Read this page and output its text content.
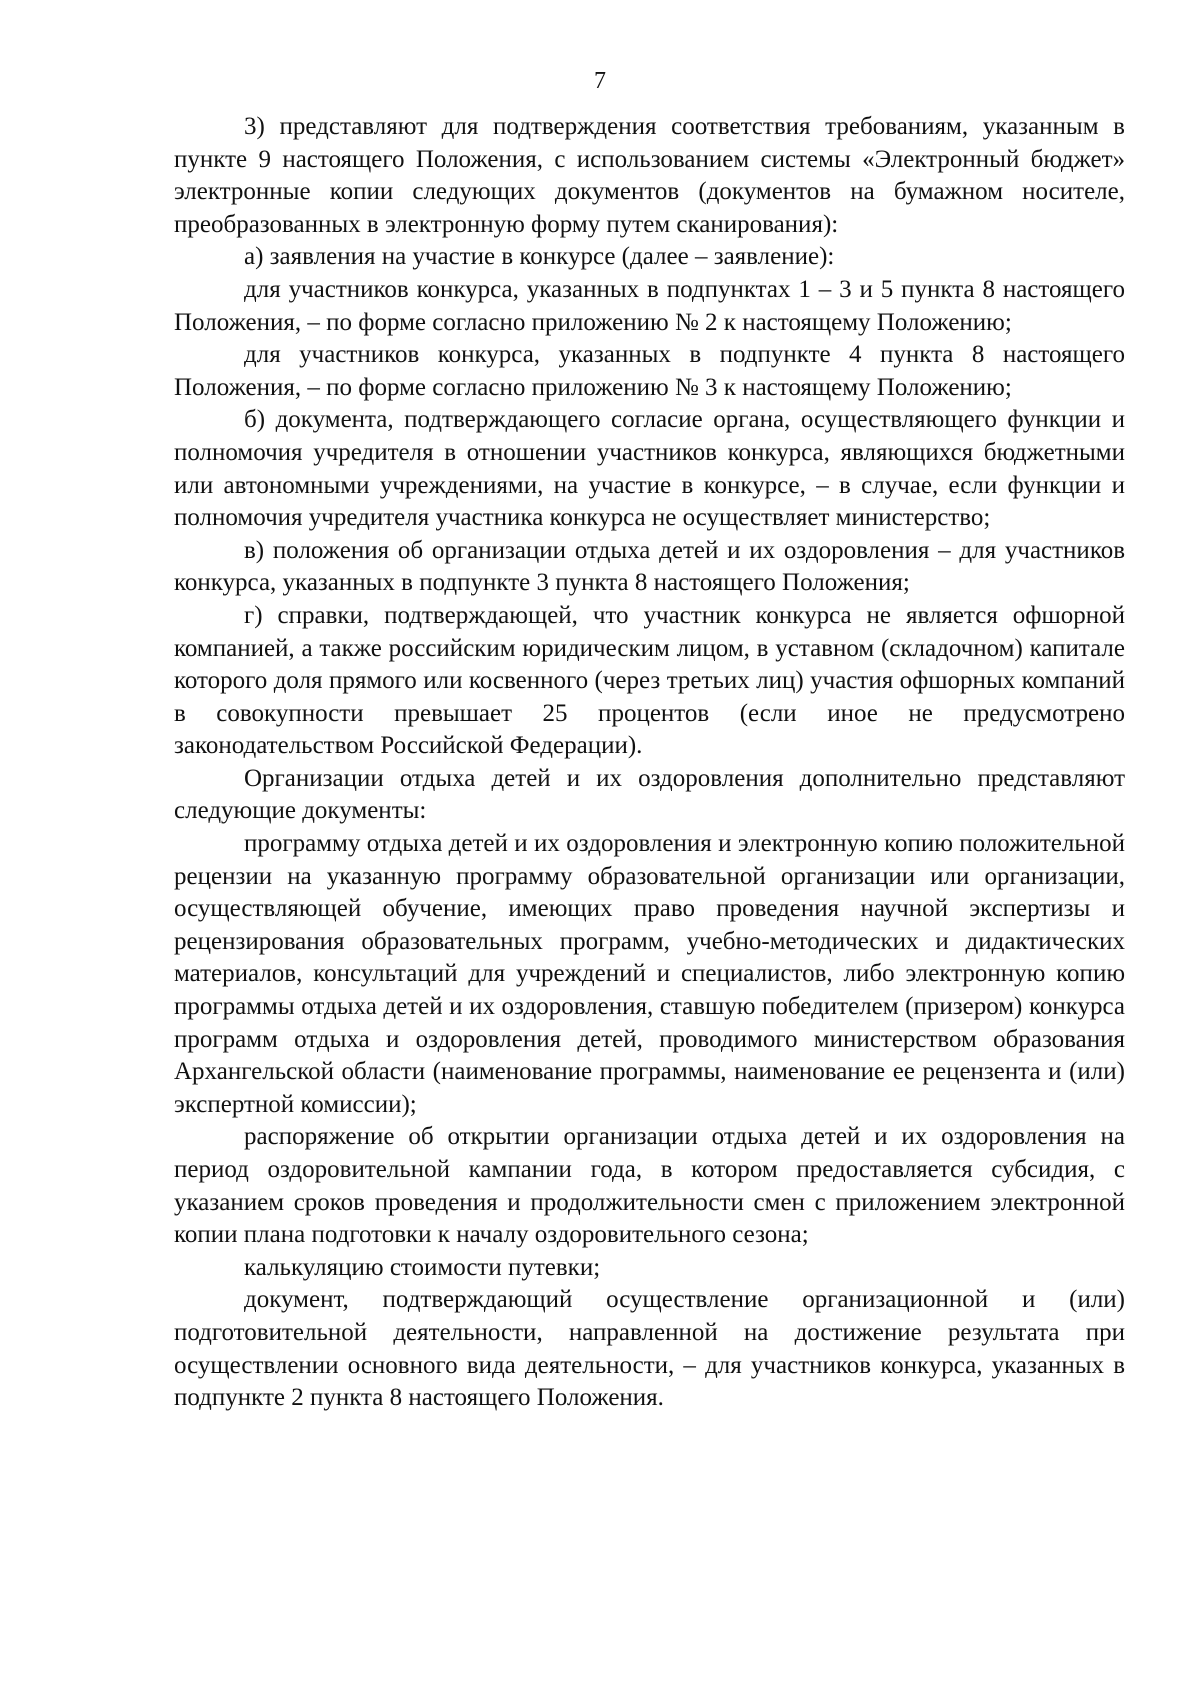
7

3) представляют для подтверждения соответствия требованиям, указанным в пункте 9 настоящего Положения, с использованием системы «Электронный бюджет» электронные копии следующих документов (документов на бумажном носителе, преобразованных в электронную форму путем сканирования):

а) заявления на участие в конкурсе (далее – заявление):

для участников конкурса, указанных в подпунктах 1 – 3 и 5 пункта 8 настоящего Положения, – по форме согласно приложению № 2 к настоящему Положению;

для участников конкурса, указанных в подпункте 4 пункта 8 настоящего Положения, – по форме согласно приложению № 3 к настоящему Положению;

б) документа, подтверждающего согласие органа, осуществляющего функции и полномочия учредителя в отношении участников конкурса, являющихся бюджетными или автономными учреждениями, на участие в конкурсе, – в случае, если функции и полномочия учредителя участника конкурса не осуществляет министерство;

в) положения об организации отдыха детей и их оздоровления – для участников конкурса, указанных в подпункте 3 пункта 8 настоящего Положения;

г) справки, подтверждающей, что участник конкурса не является офшорной компанией, а также российским юридическим лицом, в уставном (складочном) капитале которого доля прямого или косвенного (через третьих лиц) участия офшорных компаний в совокупности превышает 25 процентов (если иное не предусмотрено законодательством Российской Федерации).

Организации отдыха детей и их оздоровления дополнительно представляют следующие документы:

программу отдыха детей и их оздоровления и электронную копию положительной рецензии на указанную программу образовательной организации или организации, осуществляющей обучение, имеющих право проведения научной экспертизы и рецензирования образовательных программ, учебно-методических и дидактических материалов, консультаций для учреждений и специалистов, либо электронную копию программы отдыха детей и их оздоровления, ставшую победителем (призером) конкурса программ отдыха и оздоровления детей, проводимого министерством образования Архангельской области (наименование программы, наименование ее рецензента и (или) экспертной комиссии);

распоряжение об открытии организации отдыха детей и их оздоровления на период оздоровительной кампании года, в котором предоставляется субсидия, с указанием сроков проведения и продолжительности смен с приложением электронной копии плана подготовки к началу оздоровительного сезона;

калькуляцию стоимости путевки;

документ, подтверждающий осуществление организационной и (или) подготовительной деятельности, направленной на достижение результата при осуществлении основного вида деятельности, – для участников конкурса, указанных в подпункте 2 пункта 8 настоящего Положения.
